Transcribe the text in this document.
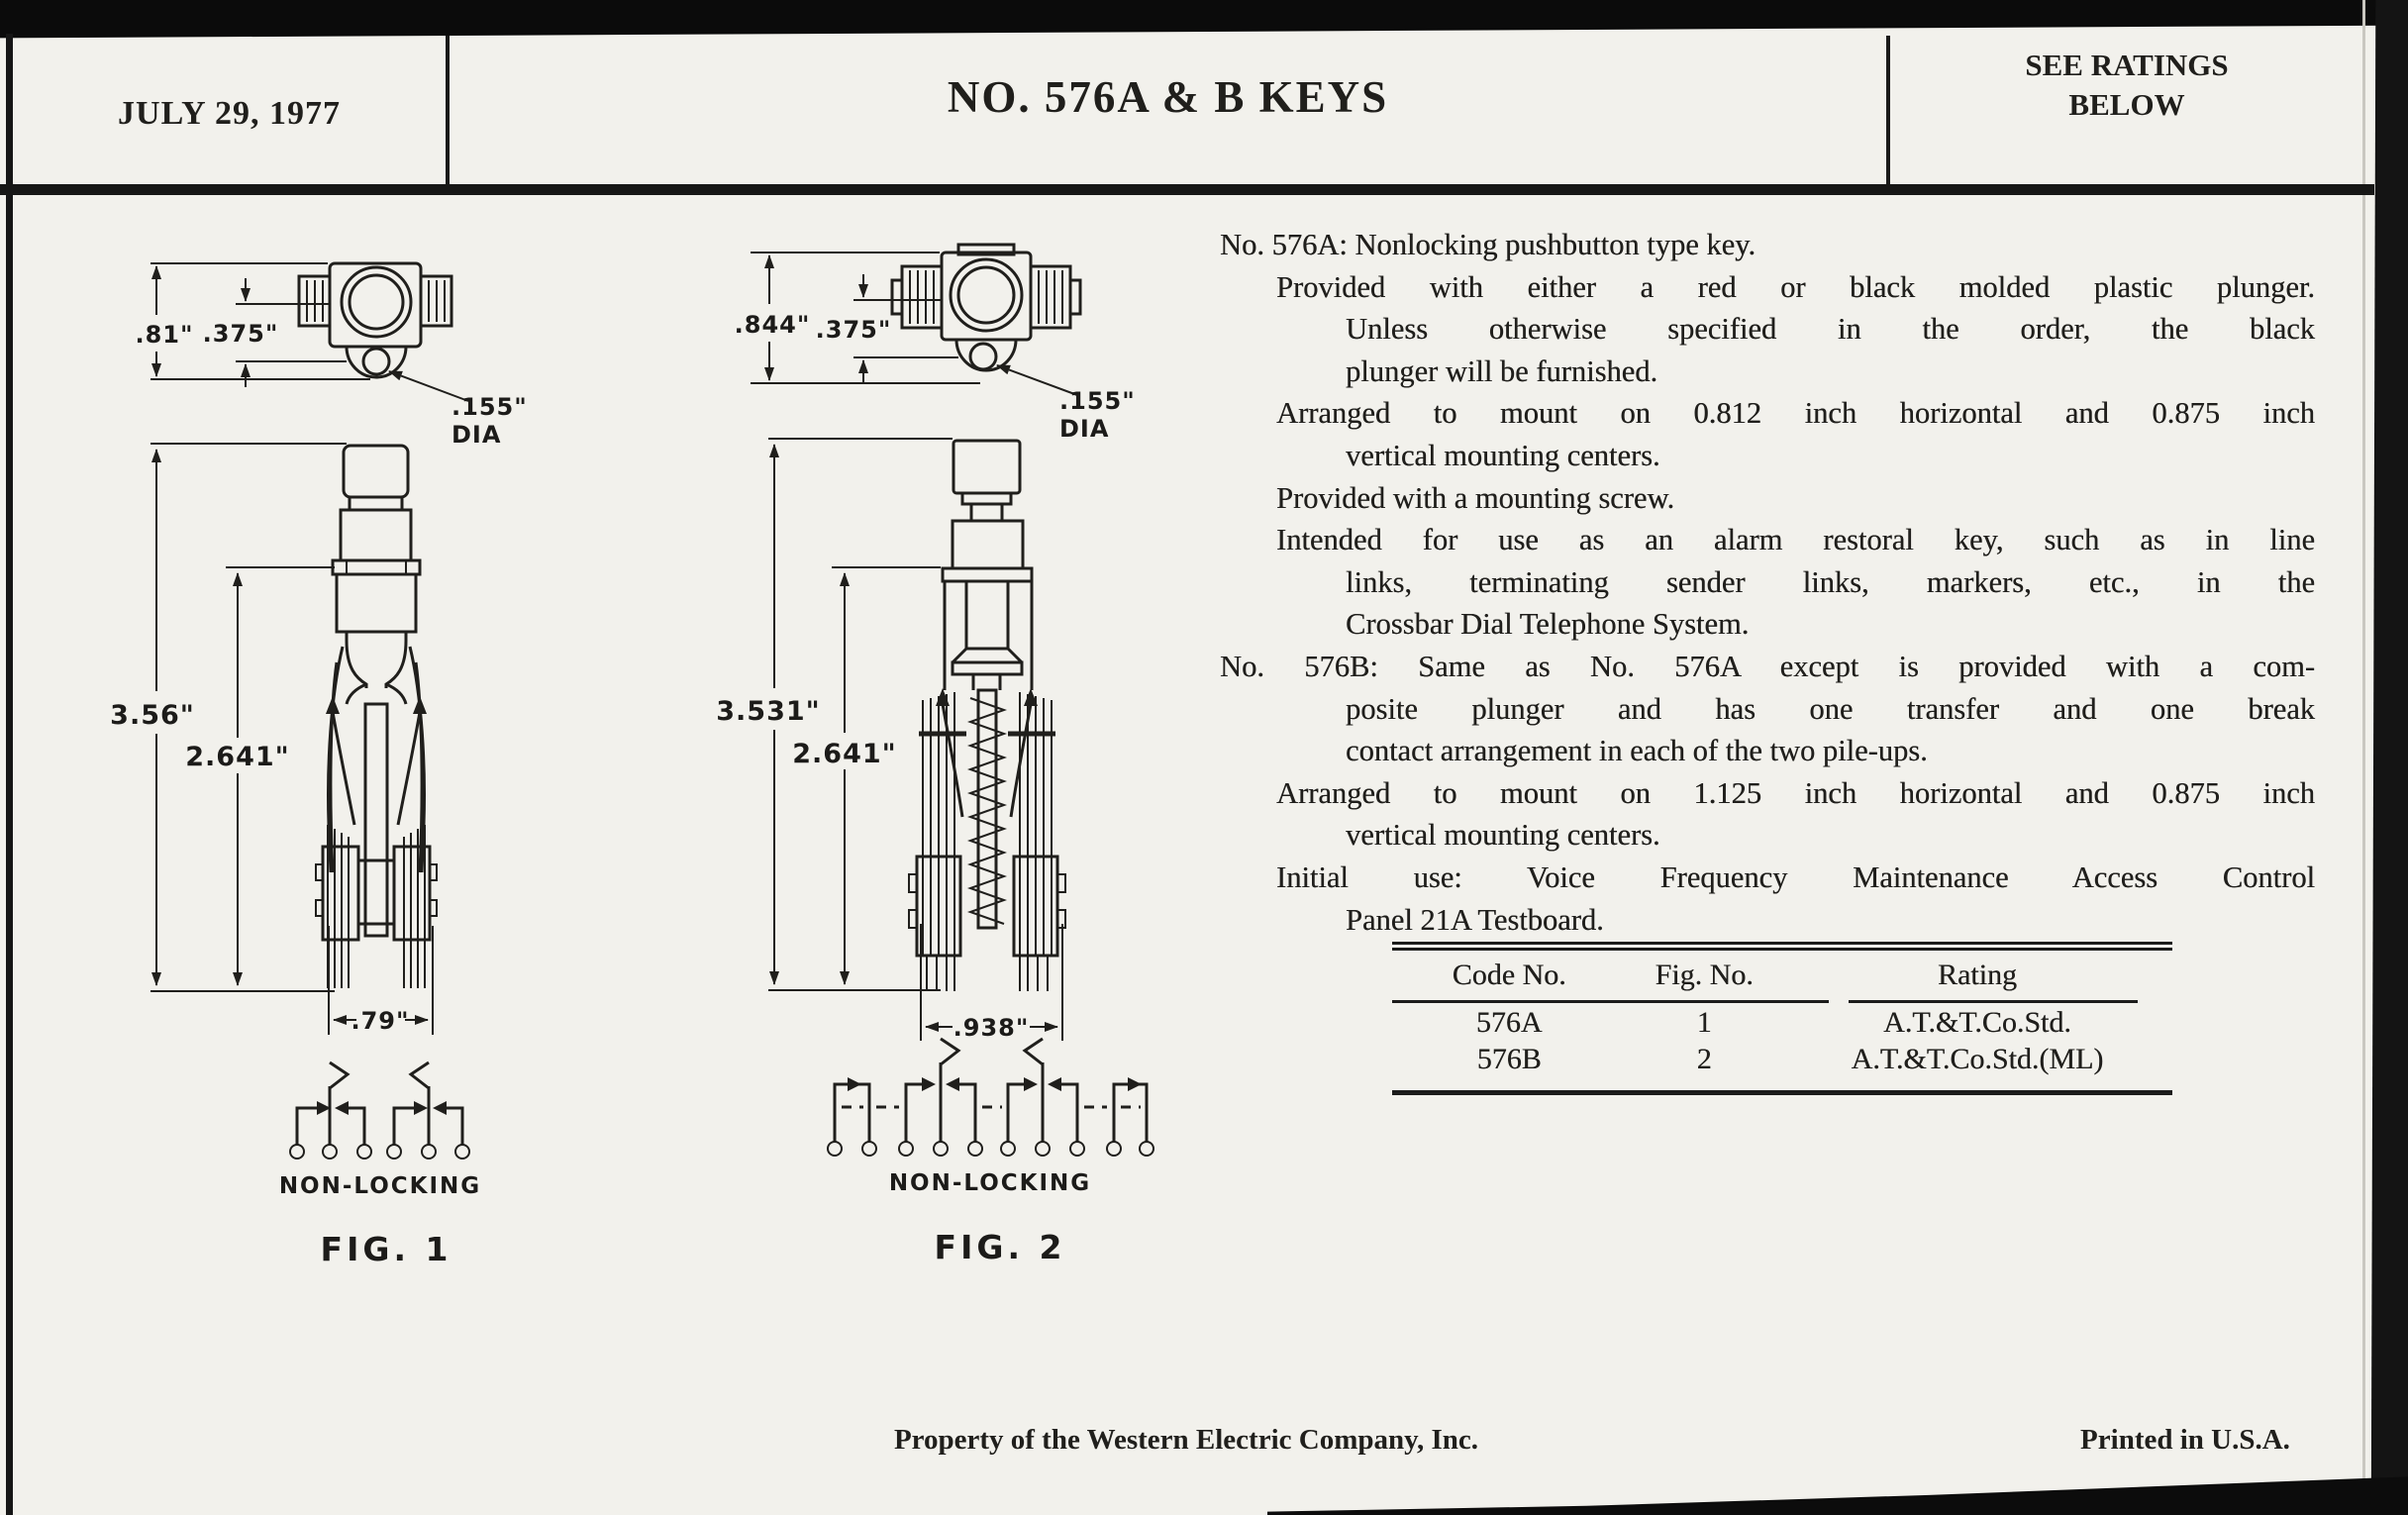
JULY 29, 1977	NO. 576A & B KEYS
SEE RATINGS
BELOW
.81" .375"
.155"
DIA
3.56"
2.641"
.79"
NON-LOCKING
FIG. 1
.844" .375"
.155"
DIA
3.531"
2.641"
.938"
NON-LOCKING
FIG. 2
No. 576A: Nonlocking pushbutton type key.
Provided with either a red or black molded plastic plunger.
Unless otherwise specified in the order, the black
plunger will be furnished.
Arranged to mount on 0.812 inch horizontal and 0.875 inch
vertical mounting centers.
Provided with a mounting screw.
Intended for use as an alarm restoral key, such as in line
links, terminating sender links, markers, etc., in the
Crossbar Dial Telephone System.
No. 576B: Same as No. 576A except is provided with a com-
posite plunger and has one transfer and one break
contact arrangement in each of the two pile-ups.
Arranged to mount on 1.125 inch horizontal and 0.875 inch
vertical mounting centers.
Initial use: Voice Frequency Maintenance Access Control
Panel 21A Testboard.
Code No.	Fig. No.	Rating
576A	1	A.T.&T.Co.Std.
576B	2	A.T.&T.Co.Std.(ML)
Property of the Western Electric Company, Inc.	Printed in U.S.A.
